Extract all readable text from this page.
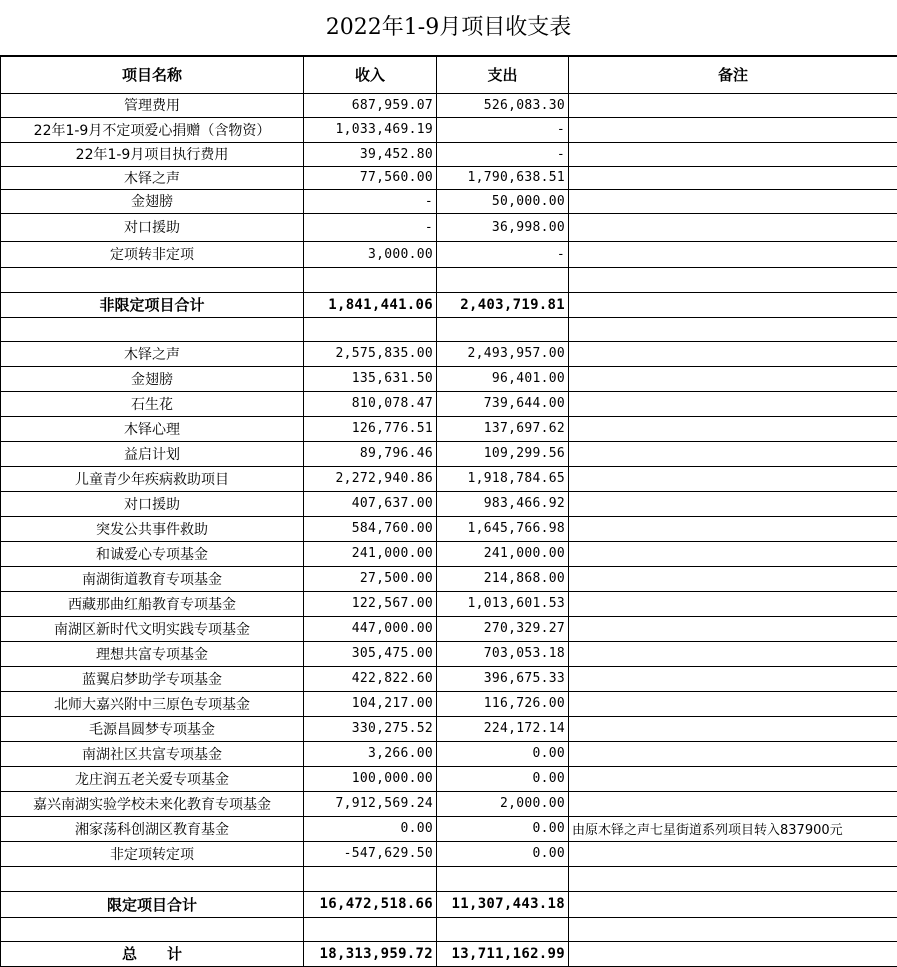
2022年1-9月项目收支表
项目名称	收入	支出	备注
管理费用	687,959.07	526,083.30	
22年1-9月不定项爱心捐赠（含物资）	1,033,469.19	-	
22年1-9月项目执行费用	39,452.80	-	
木铎之声	77,560.00	1,790,638.51	
金翅膀	-	50,000.00	
对口援助	-	36,998.00	
定项转非定项	3,000.00	-	

非限定项目合计	1,841,441.06	2,403,719.81	

木铎之声	2,575,835.00	2,493,957.00	
金翅膀	135,631.50	96,401.00	
石生花	810,078.47	739,644.00	
木铎心理	126,776.51	137,697.62	
益启计划	89,796.46	109,299.56	
儿童青少年疾病救助项目	2,272,940.86	1,918,784.65	
对口援助	407,637.00	983,466.92	
突发公共事件救助	584,760.00	1,645,766.98	
和诚爱心专项基金	241,000.00	241,000.00	
南湖街道教育专项基金	27,500.00	214,868.00	
西藏那曲红船教育专项基金	122,567.00	1,013,601.53	
南湖区新时代文明实践专项基金	447,000.00	270,329.27	
理想共富专项基金	305,475.00	703,053.18	
蓝翼启梦助学专项基金	422,822.60	396,675.33	
北师大嘉兴附中三原色专项基金	104,217.00	116,726.00	
毛源昌圆梦专项基金	330,275.52	224,172.14	
南湖社区共富专项基金	3,266.00	0.00	
龙庄润五老关爱专项基金	100,000.00	0.00	
嘉兴南湖实验学校未来化教育专项基金	7,912,569.24	2,000.00	
湘家荡科创湖区教育基金	0.00	0.00	由原木铎之声七星街道系列项目转入837900元
非定项转定项	-547,629.50	0.00	

限定项目合计	16,472,518.66	11,307,443.18	

总　　计	18,313,959.72	13,711,162.99	
